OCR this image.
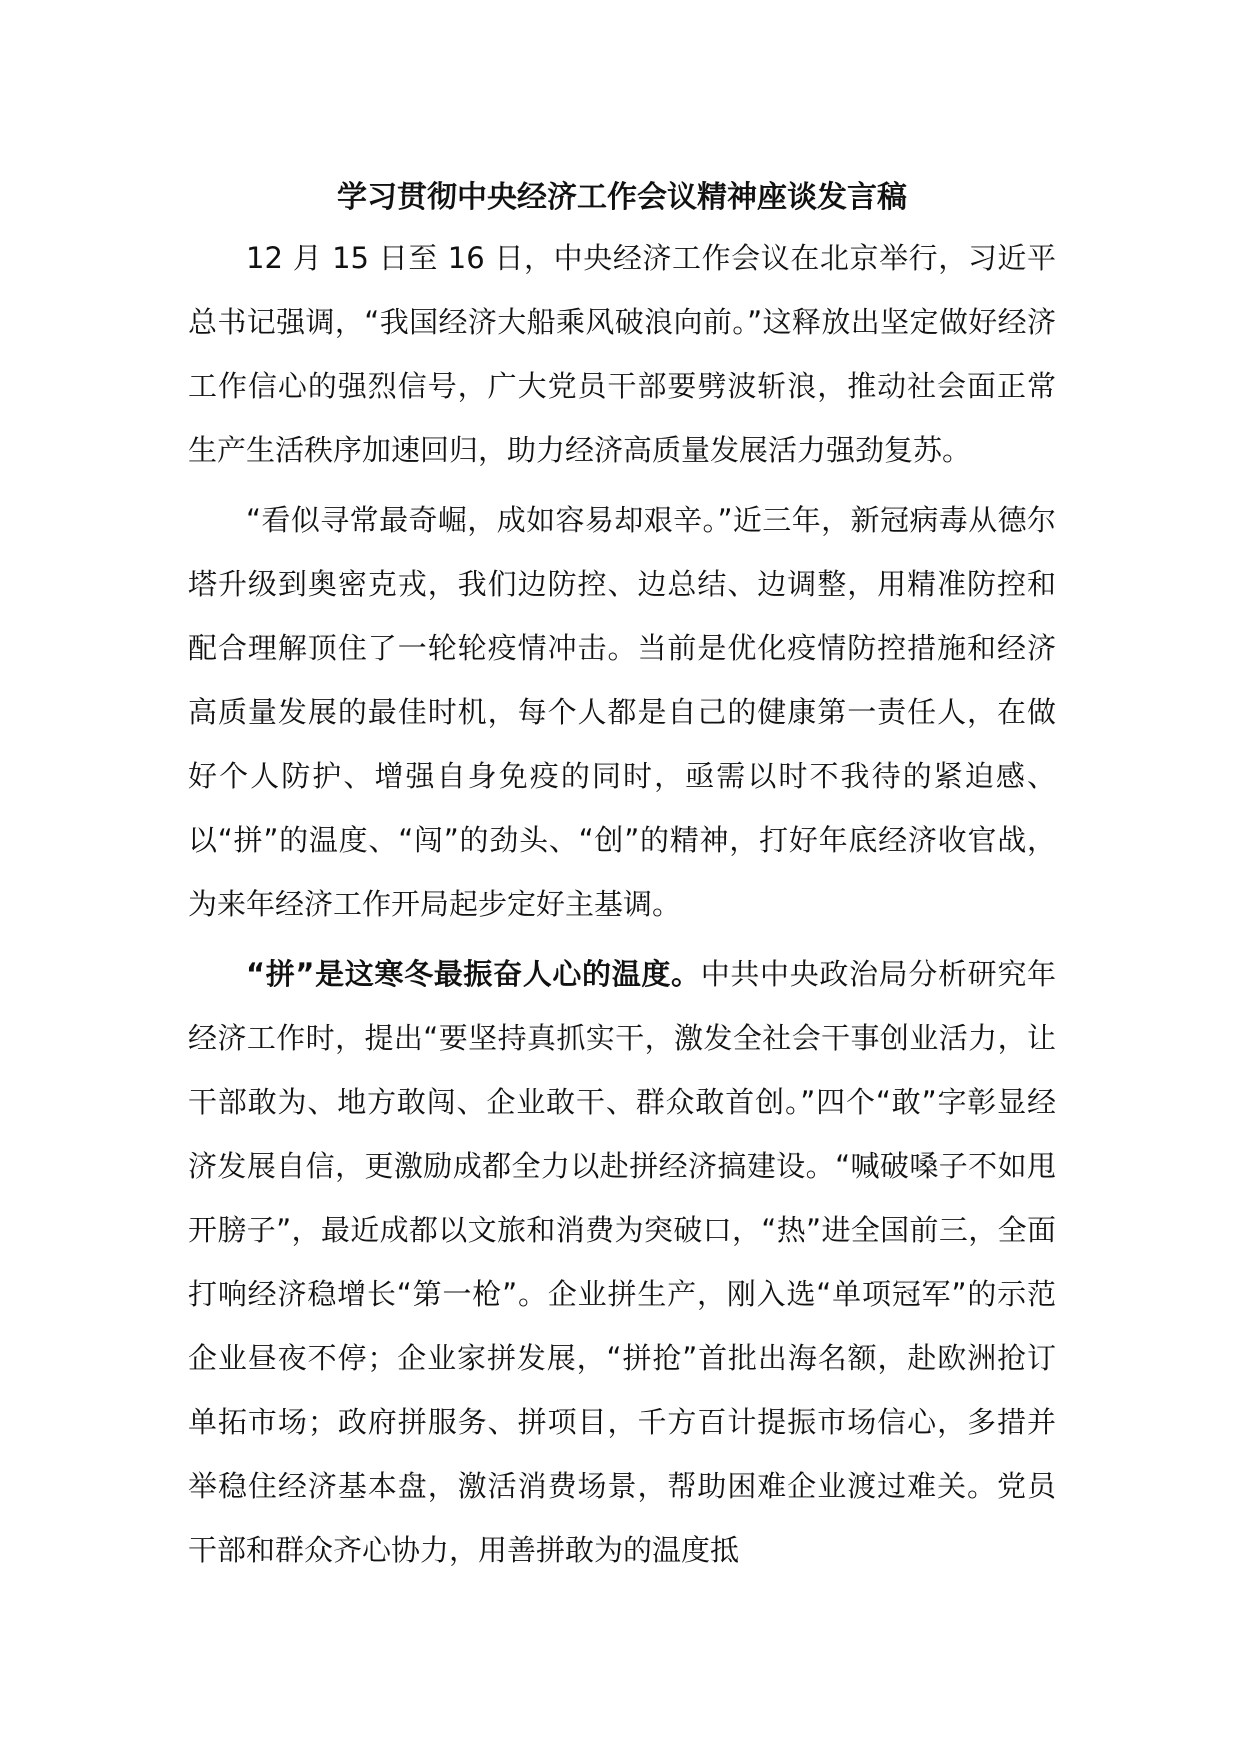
学习贯彻中央经济工作会议精神座谈发言稿

12 月 15 日至 16 日，中央经济工作会议在北京举行，习近平总书记强调，“我国经济大船乘风破浪向前。”这释放出坚定做好经济工作信心的强烈信号，广大党员干部要劈波斩浪，推动社会面正常生产生活秩序加速回归，助力经济高质量发展活力强劲复苏。

“看似寻常最奇崛，成如容易却艰辛。”近三年，新冠病毒从德尔塔升级到奥密克戎，我们边防控、边总结、边调整，用精准防控和配合理解顶住了一轮轮疫情冲击。当前是优化疫情防控措施和经济高质量发展的最佳时机，每个人都是自己的健康第一责任人，在做好个人防护、增强自身免疫的同时，亟需以时不我待的紧迫感、以“拼”的温度、“闯”的劲头、“创”的精神，打好年底经济收官战，为来年经济工作开局起步定好主基调。

“拼”是这寒冬最振奋人心的温度。中共中央政治局分析研究年经济工作时，提出“要坚持真抓实干，激发全社会干事创业活力，让干部敢为、地方敢闯、企业敢干、群众敢首创。”四个“敢”字彰显经济发展自信，更激励成都全力以赴拼经济搞建设。“喊破嗓子不如甩开膀子”，最近成都以文旅和消费为突破口，“热”进全国前三，全面打响经济稳增长“第一枪”。企业拼生产，刚入选“单项冠军”的示范企业昼夜不停；企业家拼发展，“拼抢”首批出海名额，赴欧洲抢订单拓市场；政府拼服务、拼项目，千方百计提振市场信心，多措并举稳住经济基本盘，激活消费场景，帮助困难企业渡过难关。党员干部和群众齐心协力，用善拼敢为的温度抵
